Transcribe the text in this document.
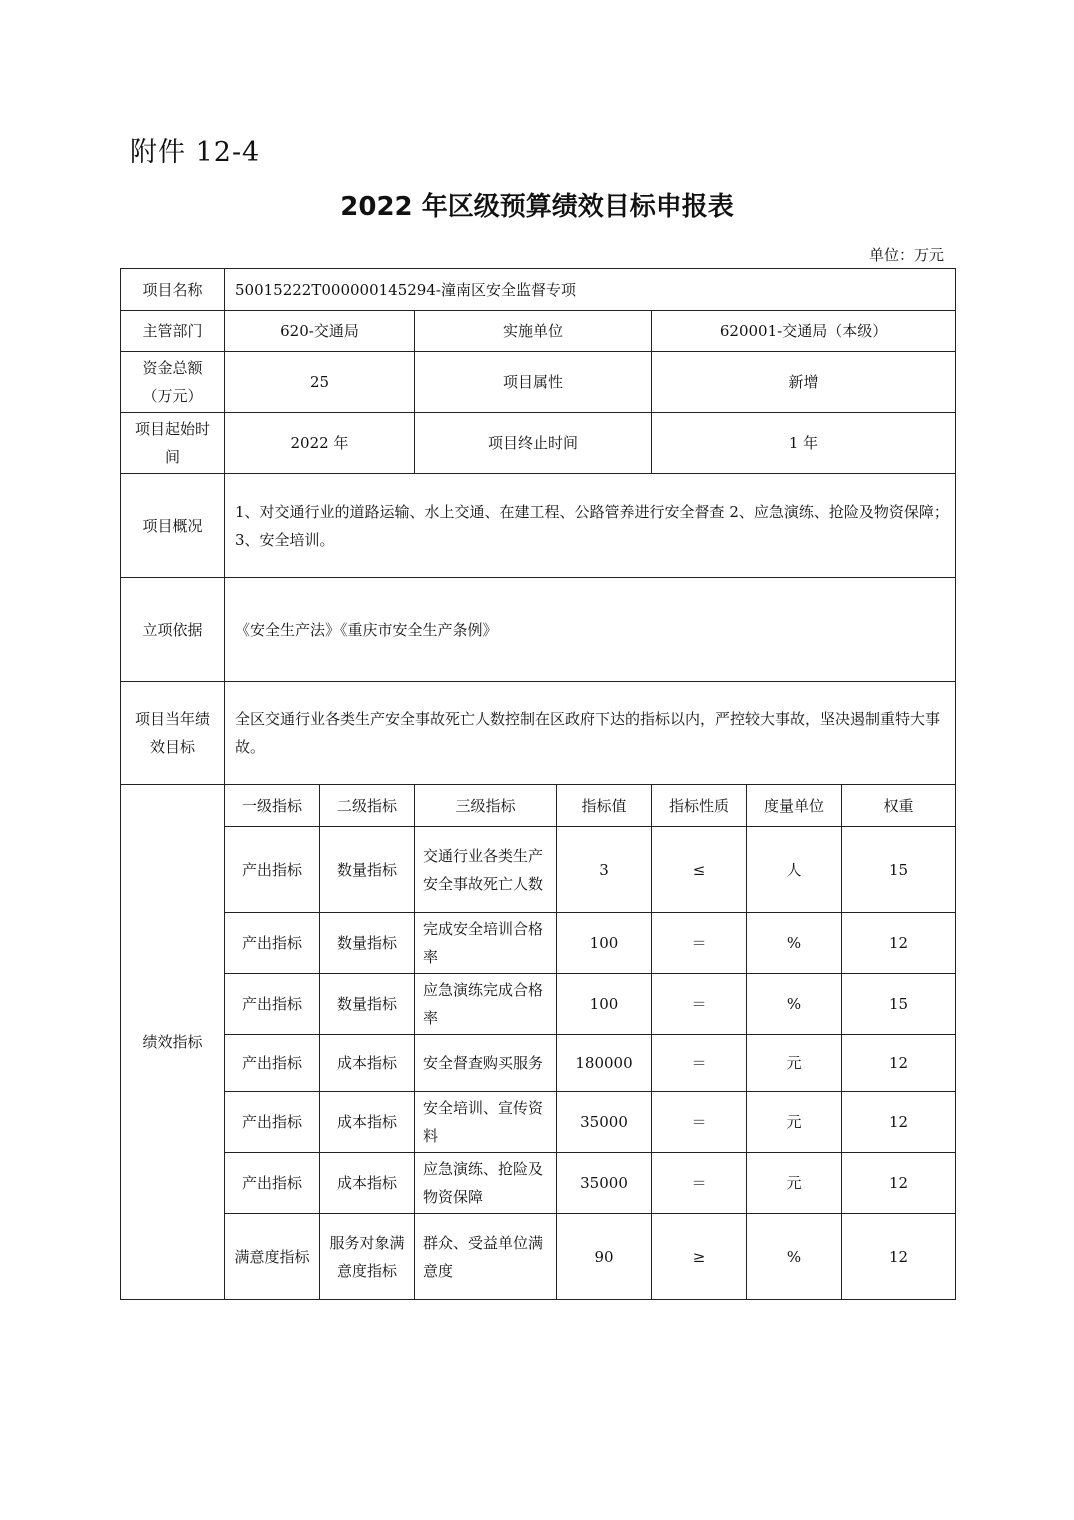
附件 12-4
2022 年区级预算绩效目标申报表
单位：万元
项目名称	50015222T000000145294-潼南区安全监督专项						
主管部门	620-交通局		实施单位		620001-交通局（本级）		
资金总额
（万元）	25		项目属性		新增		
项目起始时
间	2022 年		项目终止时间		1 年		
项目概况	1、对交通行业的道路运输、水上交通、在建工程、公路管养进行安全督查 2、应急演练、抢险及物资保障；3、安全培训。						
立项依据	《安全生产法》《重庆市安全生产条例》						
项目当年绩
效目标	全区交通行业各类生产安全事故死亡人数控制在区政府下达的指标以内，严控较大事故，坚决遏制重特大事故。						
绩效指标	一级指标	二级指标	三级指标	指标值	指标性质	度量单位	权重
	产出指标	数量指标	交通行业各类生产安全事故死亡人数	3	≤	人	15
	产出指标	数量指标	完成安全培训合格率	100	＝	%	12
	产出指标	数量指标	应急演练完成合格率	100	＝	%	15
	产出指标	成本指标	安全督查购买服务	180000	＝	元	12
	产出指标	成本指标	安全培训、宣传资料	35000	＝	元	12
	产出指标	成本指标	应急演练、抢险及物资保障	35000	＝	元	12
	满意度指标	服务对象满意度指标	群众、受益单位满意度	90	≥	%	12
